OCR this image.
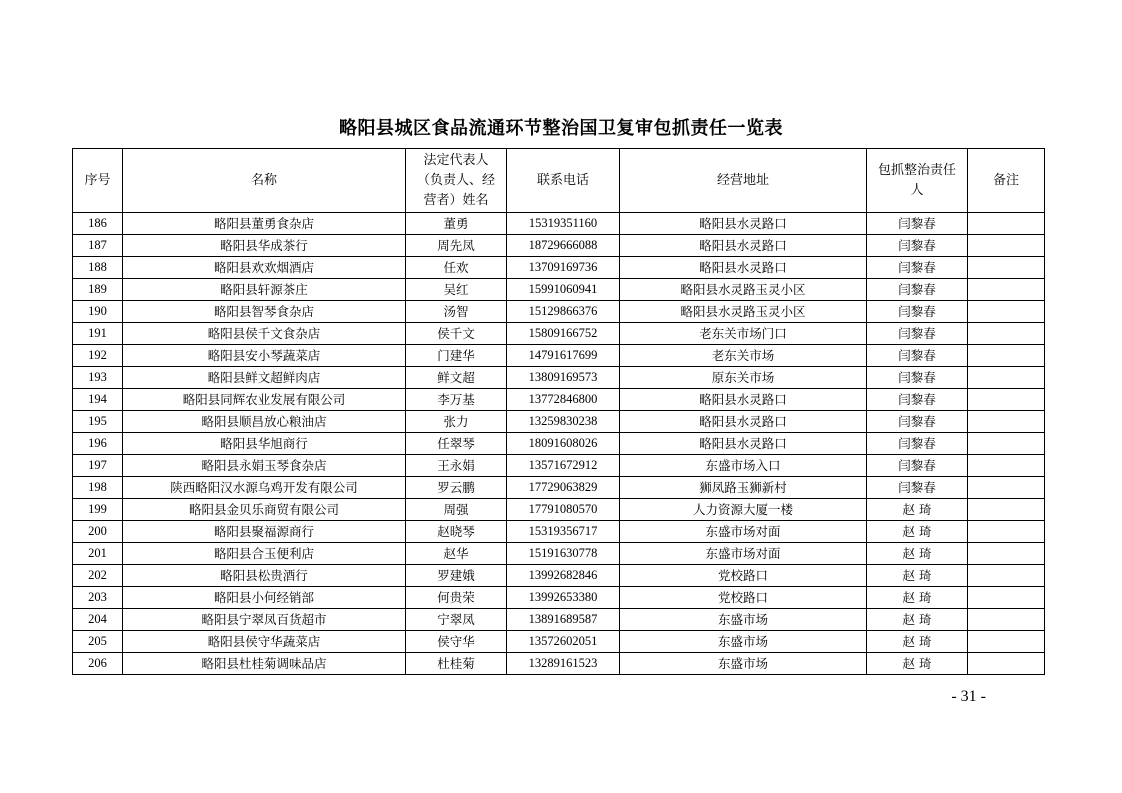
略阳县城区食品流通环节整治国卫复审包抓责任一览表
序号	名称	法定代表人（负责人、经营者）姓名	联系电话	经营地址	包抓整治责任人	备注
186	略阳县董勇食杂店	董勇	15319351160	略阳县水灵路口	闫黎春	
187	略阳县华成茶行	周先凤	18729666088	略阳县水灵路口	闫黎春	
188	略阳县欢欢烟酒店	任欢	13709169736	略阳县水灵路口	闫黎春	
189	略阳县轩源茶庄	吴红	15991060941	略阳县水灵路玉灵小区	闫黎春	
190	略阳县智琴食杂店	汤智	15129866376	略阳县水灵路玉灵小区	闫黎春	
191	略阳县侯千文食杂店	侯千文	15809166752	老东关市场门口	闫黎春	
192	略阳县安小琴蔬菜店	门建华	14791617699	老东关市场	闫黎春	
193	略阳县鲜文超鲜肉店	鲜文超	13809169573	原东关市场	闫黎春	
194	略阳县同辉农业发展有限公司	李万基	13772846800	略阳县水灵路口	闫黎春	
195	略阳县顺昌放心粮油店	张力	13259830238	略阳县水灵路口	闫黎春	
196	略阳县华旭商行	任翠琴	18091608026	略阳县水灵路口	闫黎春	
197	略阳县永娟玉琴食杂店	王永娟	13571672912	东盛市场入口	闫黎春	
198	陕西略阳汉水源乌鸡开发有限公司	罗云鹏	17729063829	狮凤路玉狮新村	闫黎春	
199	略阳县金贝乐商贸有限公司	周强	17791080570	人力资源大厦一楼	赵 琦	
200	略阳县聚福源商行	赵晓琴	15319356717	东盛市场对面	赵 琦	
201	略阳县合玉便利店	赵华	15191630778	东盛市场对面	赵 琦	
202	略阳县松贵酒行	罗建娥	13992682846	党校路口	赵 琦	
203	略阳县小何经销部	何贵荣	13992653380	党校路口	赵 琦	
204	略阳县宁翠凤百货超市	宁翠凤	13891689587	东盛市场	赵 琦	
205	略阳县侯守华蔬菜店	侯守华	13572602051	东盛市场	赵 琦	
206	略阳县杜桂菊调味品店	杜桂菊	13289161523	东盛市场	赵 琦	
- 31 -
